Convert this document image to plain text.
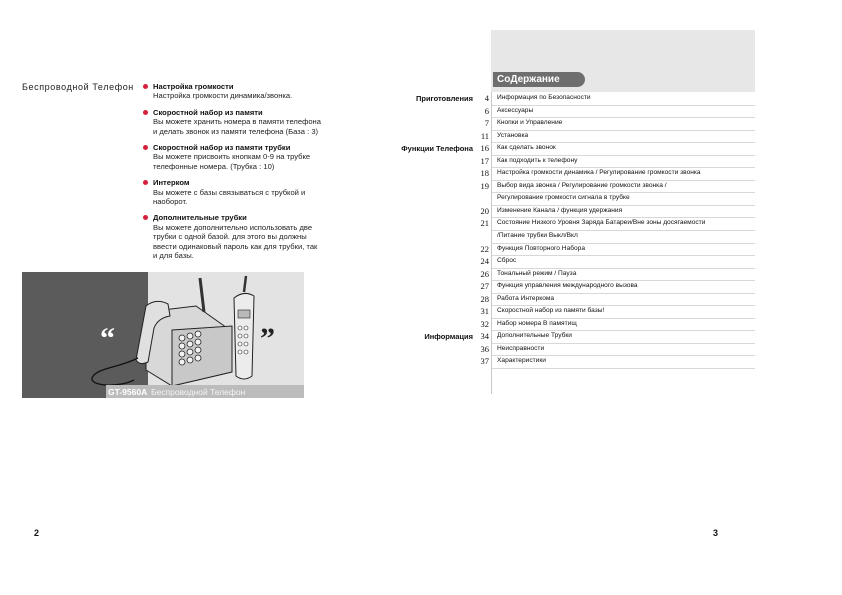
Беспроводной Телефон	Настройка громкости
Настройка громкости динамика/звонка.
Скоростной набор из памяти
Вы можете хранить номера в памяти телефона и делать звонок из памяти телефона (База : 3)
Скоростной набор из памяти трубки
Вы можете присвоить кнопкам 0-9 на трубке телефонные номера. (Трубка : 10)
Интерком
Вы можете с базы связываться с трубкой и наоборот.
Дополнительные трубки
Вы можете дополнительно использовать две трубки с одной базой. для этого вы должны ввести одинаковый пароль как для трубки, так и для базы.
“	”
GT-9560A Беспроводной Телефон
2
СоДержание
Приготовления	4 Информация по Безопасности
6 Аксессуары
7 Кнопки и Управление
11 Установка
Функции Телефона 16 Как сделать звонок
17 Как подходить к телефону
18 Настройка громкости динамика / Регулирование громкости звонка
19 Выбор вида звонка / Регулирование громкости звонка /
Регулирование громкости сигнала в трубке
20 Изменение Канала / функция удержания
21 Состояние Низкого Уровня Заряда Батареи/Вне зоны досягаемости
/Питание трубки Выкл/Вкл
22 Функция Повторного Набора
24 Сброс
26 Тональный режим / Пауза
27 Функция управления международного вызова
28 Работа Интеркома
31 Скоростной набор из памяти базы!
32 Набор номера В памятищ
Информация 34 Дополнительные Трубки
36 Неисправности
37 Характеристики
3
